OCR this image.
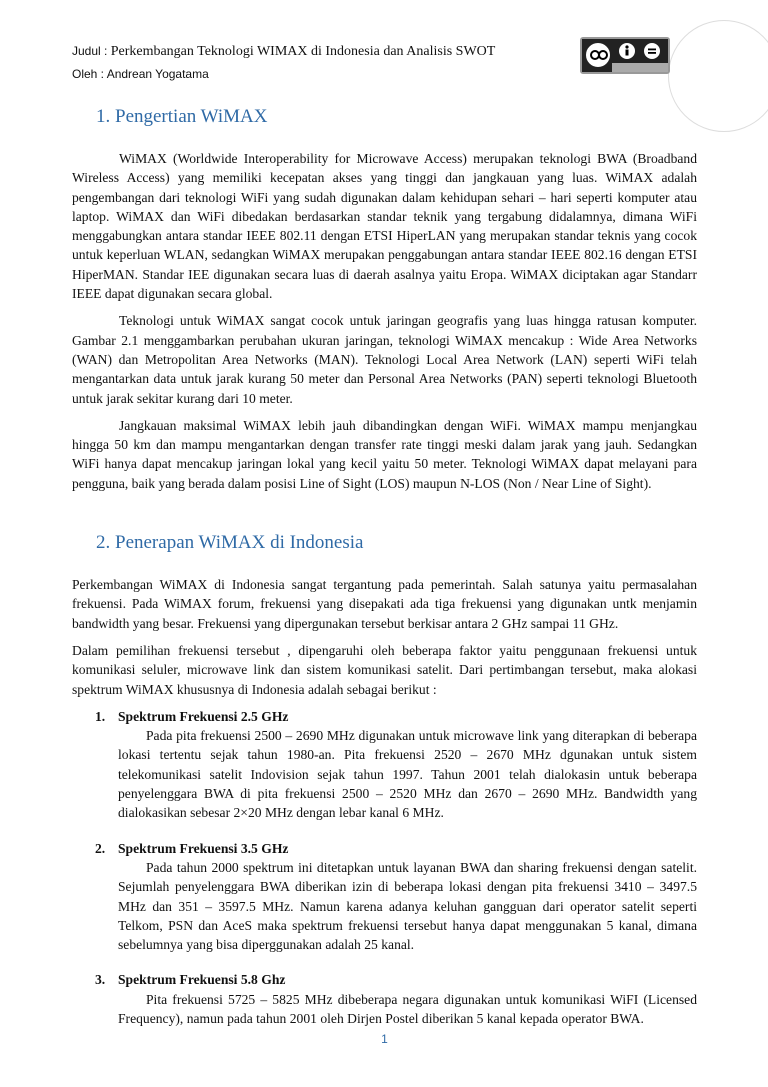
Judul : Perkembangan Teknologi WIMAX di Indonesia dan Analisis SWOT
Oleh : Andrean Yogatama
1. Pengertian WiMAX

WiMAX (Worldwide Interoperability for Microwave Access) merupakan teknologi BWA (Broadband Wireless Access) yang memiliki kecepatan akses yang tinggi dan jangkauan yang luas. WiMAX adalah pengembangan dari teknologi WiFi yang sudah digunakan dalam kehidupan sehari – hari seperti komputer atau laptop. WiMAX dan WiFi dibedakan berdasarkan standar teknik yang tergabung didalamnya, dimana WiFi menggabungkan antara standar IEEE 802.11 dengan ETSI HiperLAN yang merupakan standar teknis yang cocok untuk keperluan WLAN, sedangkan WiMAX merupakan penggabungan antara standar IEEE 802.16 dengan ETSI HiperMAN. Standar IEE digunakan secara luas di daerah asalnya yaitu Eropa. WiMAX diciptakan agar Standarr IEEE dapat digunakan secara global.

Teknologi untuk WiMAX sangat cocok untuk jaringan geografis yang luas hingga ratusan komputer. Gambar 2.1 menggambarkan perubahan ukuran jaringan, teknologi WiMAX mencakup : Wide Area Networks (WAN) dan Metropolitan Area Networks (MAN). Teknologi Local Area Network (LAN) seperti WiFi telah mengantarkan data untuk jarak kurang 50 meter dan Personal Area Networks (PAN) seperti teknologi Bluetooth untuk jarak sekitar kurang dari 10 meter.

Jangkauan maksimal WiMAX lebih jauh dibandingkan dengan WiFi. WiMAX mampu menjangkau hingga 50 km dan mampu mengantarkan dengan transfer rate tinggi meski dalam jarak yang jauh. Sedangkan WiFi hanya dapat mencakup jaringan lokal yang kecil yaitu 50 meter. Teknologi WiMAX dapat melayani para pengguna, baik yang berada dalam posisi Line of Sight (LOS) maupun N-LOS (Non / Near Line of Sight).

2. Penerapan WiMAX di Indonesia

Perkembangan WiMAX di Indonesia sangat tergantung pada pemerintah. Salah satunya yaitu permasalahan frekuensi. Pada WiMAX forum, frekuensi yang disepakati ada tiga frekuensi yang digunakan untk menjamin bandwidth yang besar. Frekuensi yang dipergunakan tersebut berkisar antara 2 GHz sampai 11 GHz.

Dalam pemilihan frekuensi tersebut , dipengaruhi oleh beberapa faktor yaitu penggunaan frekuensi untuk komunikasi seluler, microwave link dan sistem komunikasi satelit. Dari pertimbangan tersebut, maka alokasi spektrum WiMAX khususnya di Indonesia adalah sebagai berikut :

1. Spektrum Frekuensi 2.5 GHz

Pada pita frekuensi 2500 – 2690 MHz digunakan untuk microwave link yang diterapkan di beberapa lokasi tertentu sejak tahun 1980-an. Pita frekuensi 2520 – 2670 MHz dgunakan untuk sistem telekomunikasi satelit Indovision sejak tahun 1997. Tahun 2001 telah dialokasin untuk beberapa penyelenggara BWA di pita frekuensi 2500 – 2520 MHz dan 2670 – 2690 MHz. Bandwidth yang dialokasikan sebesar 2×20 MHz dengan lebar kanal 6 MHz.

2. Spektrum Frekuensi 3.5 GHz

Pada tahun 2000 spektrum ini ditetapkan untuk layanan BWA dan sharing frekuensi dengan satelit. Sejumlah penyelenggara BWA diberikan izin di beberapa lokasi dengan pita frekuensi 3410 – 3497.5 MHz dan 351 – 3597.5 MHz. Namun karena adanya keluhan gangguan dari operator satelit seperti Telkom, PSN dan AceS maka spektrum frekuensi tersebut hanya dapat menggunakan 5 kanal, dimana sebelumnya yang bisa diperggunakan adalah 25 kanal.

3. Spektrum Frekuensi 5.8 Ghz

Pita frekuensi 5725 – 5825 MHz dibeberapa negara digunakan untuk komunikasi WiFI (Licensed Frequency), namun pada tahun 2001 oleh Dirjen Postel diberikan 5 kanal kepada operator BWA.

1
